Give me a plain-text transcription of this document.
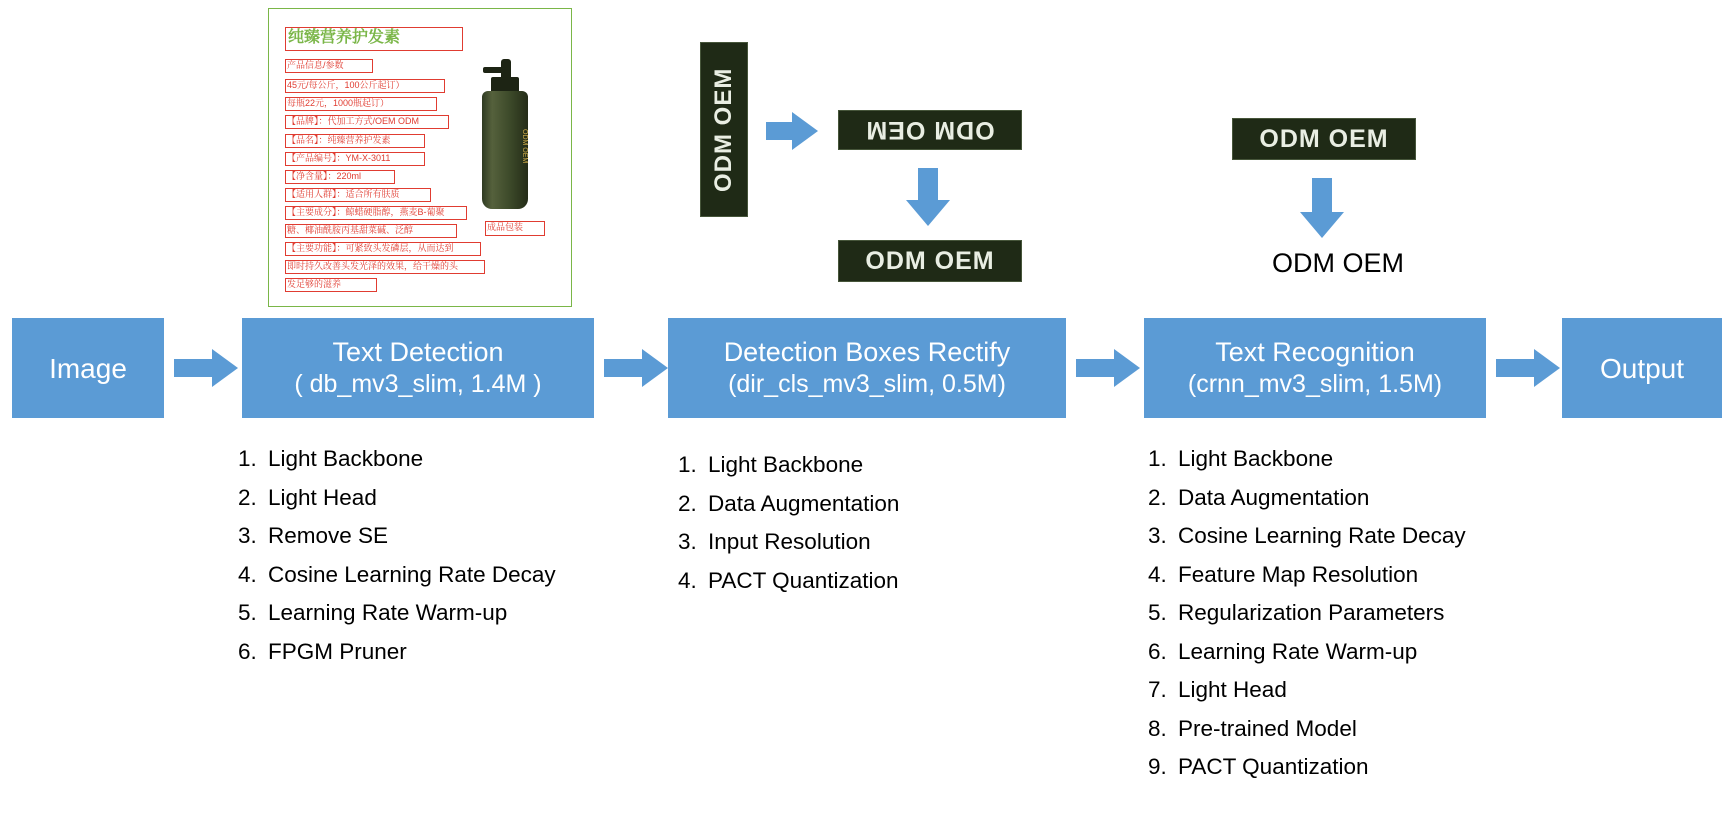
纯臻营养护发素
产品信息/参数
45元/每公斤，100公斤起订）
每瓶22元，1000瓶起订）
【品牌】：代加工方式/OEM ODM
【品名】：纯臻营养护发素
【产品编号】：YM-X-3011
【净含量】：220ml
【适用人群】：适合所有肤质
【主要成分】：鲸蜡硬脂醇，燕麦B-葡聚
糖、椰油酰胺丙基甜菜碱、泛醇
【主要功能】：可紧致头发磷层，从而达到
即时持久改善头发光泽的效果，给干燥的头
发足够的滋养
成品包装
ODM OEM	ODM OEM	ODM OEM
ODM OEM
ODM OEM
ODM OEM
Image
Text Detection
( db_mv3_slim, 1.4M )
Detection Boxes Rectify
(dir_cls_mv3_slim, 0.5M)
Text Recognition
(crnn_mv3_slim, 1.5M)
Output
1. Light Backbone
2. Light Head
3. Remove SE
4. Cosine Learning Rate Decay
5. Learning Rate Warm-up
6. FPGM Pruner
1. Light Backbone
2. Data Augmentation
3. Input Resolution
4. PACT Quantization
1. Light Backbone
2. Data Augmentation
3. Cosine Learning Rate Decay
4. Feature Map Resolution
5. Regularization Parameters
6. Learning Rate Warm-up
7. Light Head
8. Pre-trained Model
9. PACT Quantization
